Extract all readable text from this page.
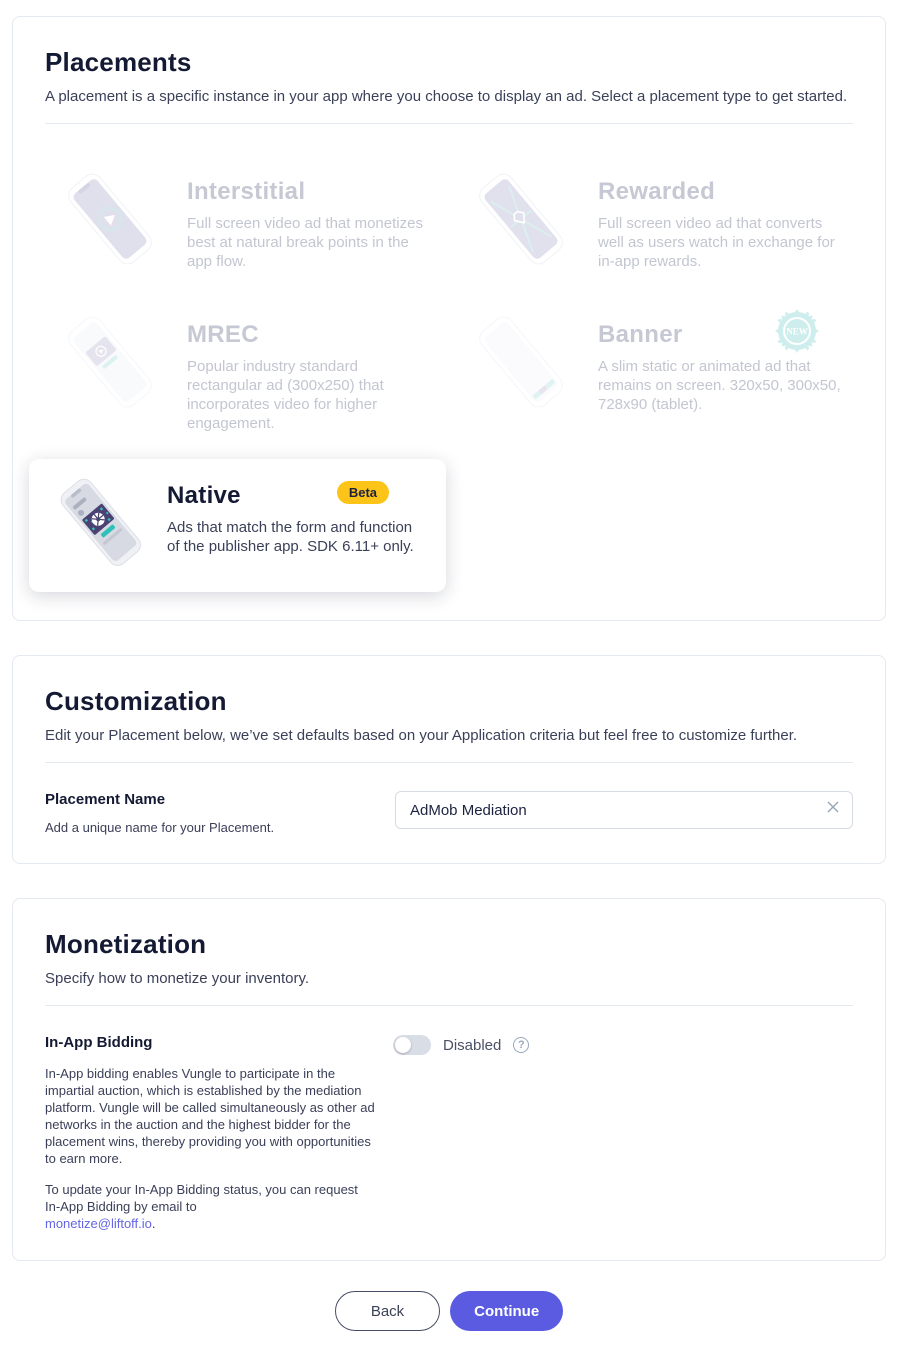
Placements

A placement is a specific instance in your app where you choose to display an ad. Select a placement type to get started.

Interstitial
Full screen video ad that monetizes best at natural break points in the app flow.
Rewarded
Full screen video ad that converts well as users watch in exchange for in-app rewards.
MREC
Popular industry standard rectangular ad (300x250) that incorporates video for higher engagement.
Banner
A slim static or animated ad that remains on screen. 320x50, 300x50, 728x90 (tablet).
NEW
Native	Beta
Ads that match the form and function of the publisher app. SDK 6.11+ only.
Customization

Edit your Placement below, we’ve set defaults based on your Application criteria but feel free to customize further.

Placement Name
Add a unique name for your Placement.
AdMob Mediation
Monetization

Specify how to monetize your inventory.

In-App Bidding

In-App bidding enables Vungle to participate in the impartial auction, which is established by the mediation platform. Vungle will be called simultaneously as other ad networks in the auction and the highest bidder for the placement wins, thereby providing you with opportunities to earn more.

To update your In-App Bidding status, you can request In-App Bidding by email to
monetize@liftoff.io.

Disabled
?
Back	Continue
